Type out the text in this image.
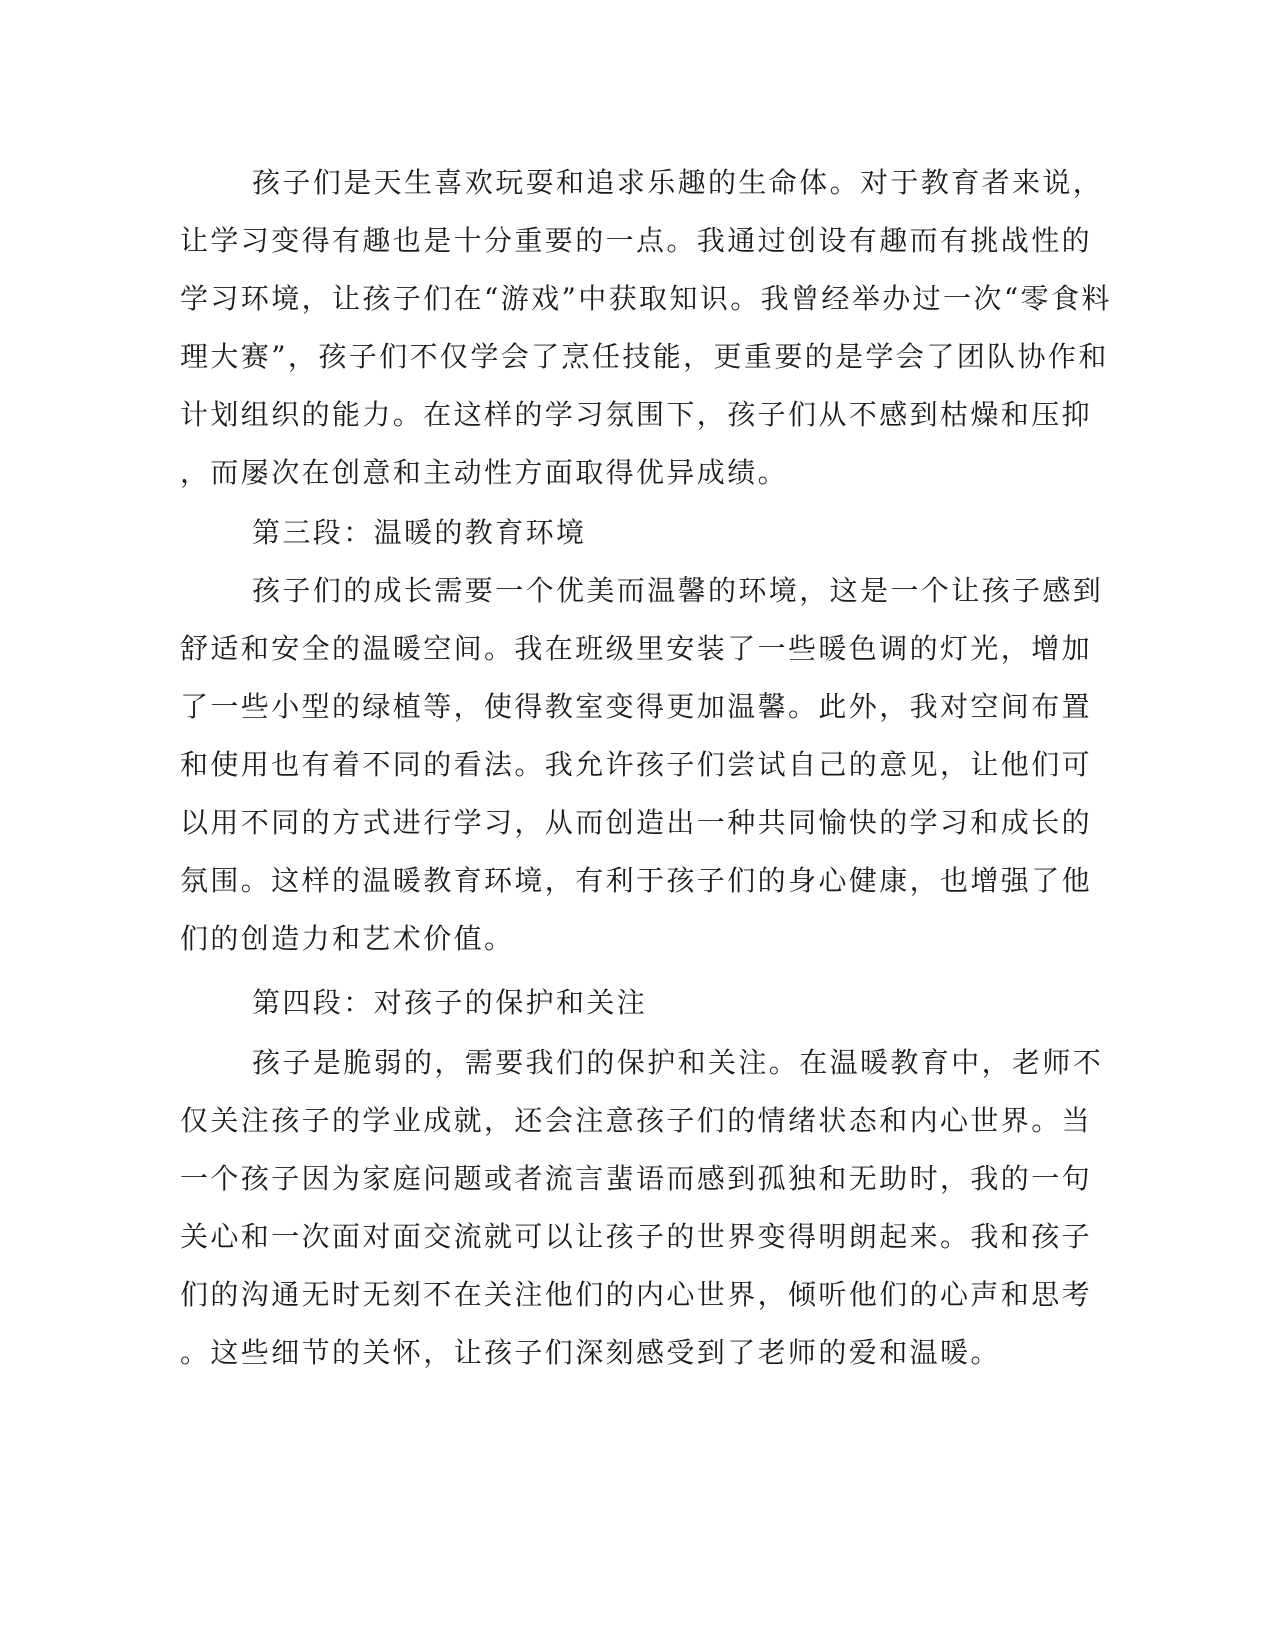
孩子们是天生喜欢玩耍和追求乐趣的生命体。对于教育者来说，
让学习变得有趣也是十分重要的一点。我通过创设有趣而有挑战性的
学习环境，让孩子们在“游戏”中获取知识。我曾经举办过一次“零食料
理大赛”，孩子们不仅学会了烹任技能，更重要的是学会了团队协作和
计划组织的能力。在这样的学习氛围下，孩子们从不感到枯燥和压抑
，而屡次在创意和主动性方面取得优异成绩。
第三段：温暖的教育环境
孩子们的成长需要一个优美而温馨的环境，这是一个让孩子感到
舒适和安全的温暖空间。我在班级里安装了一些暖色调的灯光，增加
了一些小型的绿植等，使得教室变得更加温馨。此外，我对空间布置
和使用也有着不同的看法。我允许孩子们尝试自己的意见，让他们可
以用不同的方式进行学习，从而创造出一种共同愉快的学习和成长的
氛围。这样的温暖教育环境，有利于孩子们的身心健康，也增强了他
们的创造力和艺术价值。
第四段：对孩子的保护和关注
孩子是脆弱的，需要我们的保护和关注。在温暖教育中，老师不
仅关注孩子的学业成就，还会注意孩子们的情绪状态和内心世界。当
一个孩子因为家庭问题或者流言蜚语而感到孤独和无助时，我的一句
关心和一次面对面交流就可以让孩子的世界变得明朗起来。我和孩子
们的沟通无时无刻不在关注他们的内心世界，倾听他们的心声和思考
。这些细节的关怀，让孩子们深刻感受到了老师的爱和温暖。
